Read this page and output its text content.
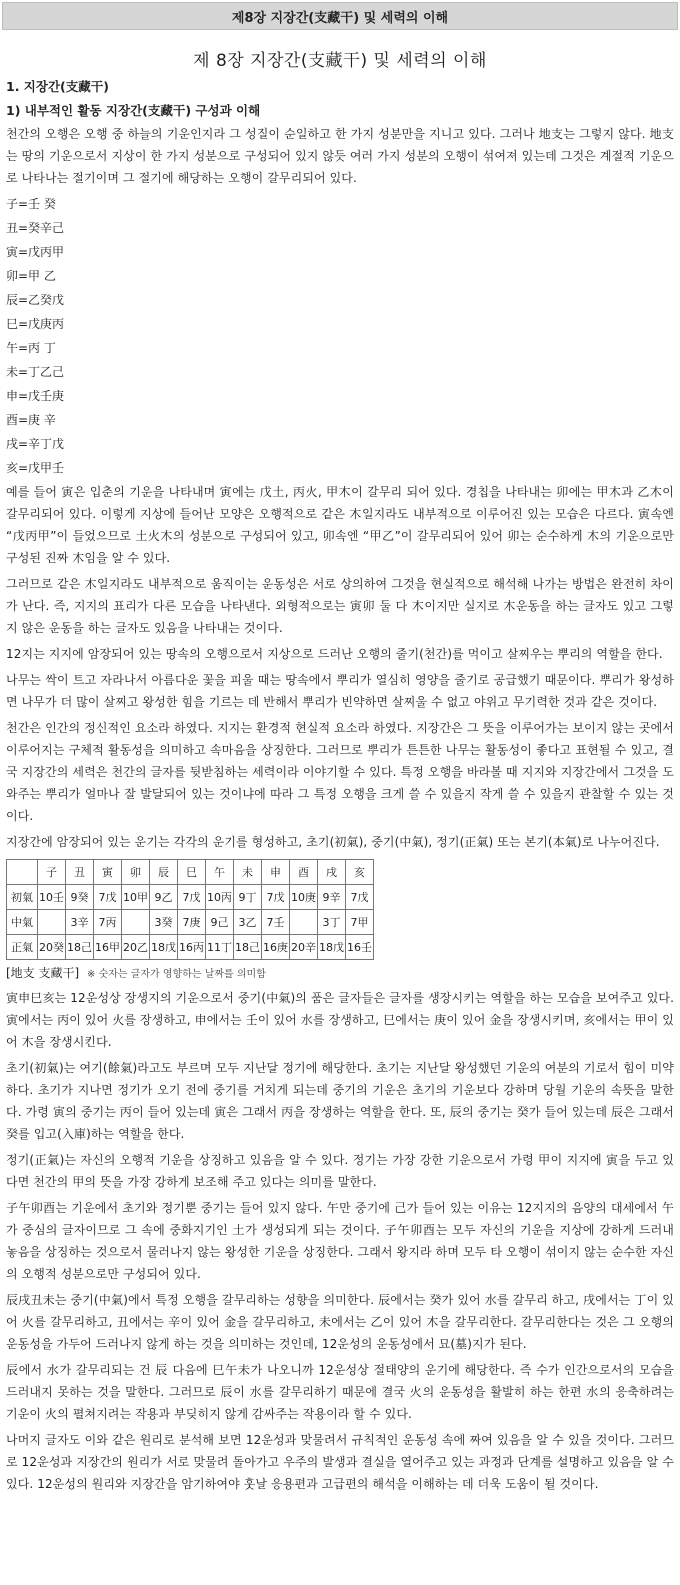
제8장 지장간(支藏干) 및 세력의 이해
제 8장 지장간(支藏干) 및 세력의 이해
1. 지장간(支藏干)
1) 내부적인 활동 지장간(支藏干) 구성과 이해

천간의 오행은 오행 중 하늘의 기운인지라 그 성질이 순일하고 한 가지 성분만을 지니고 있다. 그러나 地支는 그렇지 않다. 地支는 땅의 기운으로서 지상이 한 가지 성분으로 구성되어 있지 않듯 여러 가지 성분의 오행이 섞여져 있는데 그것은 계절적 기운으로 나타나는 절기이며 그 절기에 해당하는 오행이 갈무리되어 있다.

子=壬 癸
丑=癸辛己
寅=戊丙甲
卯=甲 乙
辰=乙癸戊
巳=戊庚丙
午=丙 丁
未=丁乙己
申=戊壬庚
酉=庚 辛
戌=辛丁戊
亥=戊甲壬

예를 들어 寅은 입춘의 기운을 나타내며 寅에는 戊土, 丙火, 甲木이 갈무리 되어 있다. 경칩을 나타내는 卯에는 甲木과 乙木이 갈무리되어 있다. 이렇게 지상에 들어난 모양은 오행적으로 같은 木일지라도 내부적으로 이루어진 있는 모습은 다르다. 寅속엔 “戊丙甲”이 들었으므로 土火木의 성분으로 구성되어 있고, 卯속엔 “甲乙”이 갈무리되어 있어 卯는 순수하게 木의 기운으로만 구성된 진짜 木임을 알 수 있다.

그러므로 같은 木일지라도 내부적으로 움직이는 운동성은 서로 상의하여 그것을 현실적으로 해석해 나가는 방법은 완전히 차이가 난다. 즉, 지지의 표리가 다른 모습을 나타낸다. 외형적으로는 寅卯 둘 다 木이지만 실지로 木운동을 하는 글자도 있고 그렇지 않은 운동을 하는 글자도 있음을 나타내는 것이다.

12지는 지지에 암장되어 있는 땅속의 오행으로서 지상으로 드러난 오행의 줄기(천간)를 먹이고 살찌우는 뿌리의 역할을 한다.

나무는 싹이 트고 자라나서 아름다운 꽃을 피울 때는 땅속에서 뿌리가 열심히 영양을 줄기로 공급했기 때문이다. 뿌리가 왕성하면 나무가 더 많이 살찌고 왕성한 힘을 기르는 데 반해서 뿌리가 빈약하면 살찌울 수 없고 야위고 무기력한 것과 같은 것이다.

천간은 인간의 정신적인 요소라 하였다. 지지는 환경적 현실적 요소라 하였다. 지장간은 그 뜻을 이루어가는 보이지 않는 곳에서 이루어지는 구체적 활동성을 의미하고 속마음을 상징한다. 그러므로 뿌리가 튼튼한 나무는 활동성이 좋다고 표현될 수 있고, 결국 지장간의 세력은 천간의 글자를 뒷받침하는 세력이라 이야기할 수 있다. 특정 오행을 바라볼 때 지지와 지장간에서 그것을 도와주는 뿌리가 얼마나 잘 발달되어 있는 것이냐에 따라 그 특정 오행을 크게 쓸 수 있을지 작게 쓸 수 있을지 관찰할 수 있는 것이다.

지장간에 암장되어 있는 운기는 각각의 운기를 형성하고, 초기(初氣), 중기(中氣), 정기(正氣) 또는 본기(本氣)로 나누어진다.

	子	丑	寅	卯	辰	巳	午	未	申	酉	戌	亥
初氣	10壬	9癸	7戊	10甲	9乙	7戊	10丙	9丁	7戊	10庚	9辛	7戊
中氣		3辛	7丙		3癸	7庚	9己	3乙	7壬		3丁	7甲
正氣	20癸	18己	16甲	20乙	18戊	16丙	11丁	18己	16庚	20辛	18戊	16壬
[地支 支藏干] ※ 숫자는 글자가 영향하는 날짜를 의미함

寅申巳亥는 12운성상 장생지의 기운으로서 중기(中氣)의 품은 글자들은 글자를 생장시키는 역할을 하는 모습을 보여주고 있다. 寅에서는 丙이 있어 火를 장생하고, 申에서는 壬이 있어 水를 장생하고, 巳에서는 庚이 있어 金을 장생시키며, 亥에서는 甲이 있어 木을 장생시킨다.

초기(初氣)는 여기(餘氣)라고도 부르며 모두 지난달 정기에 해당한다. 초기는 지난달 왕성했던 기운의 여분의 기로서 힘이 미약하다. 초기가 지나면 정기가 오기 전에 중기를 거치게 되는데 중기의 기운은 초기의 기운보다 강하며 당월 기운의 속뜻을 말한다. 가령 寅의 중기는 丙이 들어 있는데 寅은 그래서 丙을 장생하는 역할을 한다. 또, 辰의 중기는 癸가 들어 있는데 辰은 그래서 癸를 입고(入庫)하는 역할을 한다.

정기(正氣)는 자신의 오행적 기운을 상징하고 있음을 알 수 있다. 정기는 가장 강한 기운으로서 가령 甲이 지지에 寅을 두고 있다면 천간의 甲의 뜻을 가장 강하게 보조해 주고 있다는 의미를 말한다.

子午卯酉는 기운에서 초기와 정기뿐 중기는 들어 있지 않다. 午만 중기에 己가 들어 있는 이유는 12지지의 음양의 대세에서 午가 중심의 글자이므로 그 속에 중화지기인 土가 생성되게 되는 것이다. 子午卯酉는 모두 자신의 기운을 지상에 강하게 드러내 놓음을 상징하는 것으로서 물러나지 않는 왕성한 기운을 상징한다. 그래서 왕지라 하며 모두 타 오행이 섞이지 않는 순수한 자신의 오행적 성분으로만 구성되어 있다.

辰戌丑未는 중기(中氣)에서 특정 오행을 갈무리하는 성향을 의미한다. 辰에서는 癸가 있어 水를 갈무리 하고, 戌에서는 丁이 있어 火를 갈무리하고, 丑에서는 辛이 있어 金을 갈무리하고, 未에서는 乙이 있어 木을 갈무리한다. 갈무리한다는 것은 그 오행의 운동성을 가두어 드러나지 않게 하는 것을 의미하는 것인데, 12운성의 운동성에서 묘(墓)지가 된다.

辰에서 水가 갈무리되는 건 辰 다음에 巳午未가 나오니까 12운성상 절태양의 운기에 해당한다. 즉 수가 인간으로서의 모습을 드러내지 못하는 것을 말한다. 그러므로 辰이 水를 갈무리하기 때문에 결국 火의 운동성을 활발히 하는 한편 水의 응축하려는 기운이 火의 펼쳐지려는 작용과 부딪히지 않게 감싸주는 작용이라 할 수 있다.

나머지 글자도 이와 같은 원리로 분석해 보면 12운성과 맞물려서 규칙적인 운동성 속에 짜여 있음을 알 수 있을 것이다. 그러므로 12운성과 지장간의 원리가 서로 맞물려 돌아가고 우주의 발생과 결실을 열어주고 있는 과정과 단계를 설명하고 있음을 알 수 있다. 12운성의 원리와 지장간을 암기하여야 훗날 응용편과 고급편의 해석을 이해하는 데 더욱 도움이 될 것이다.
